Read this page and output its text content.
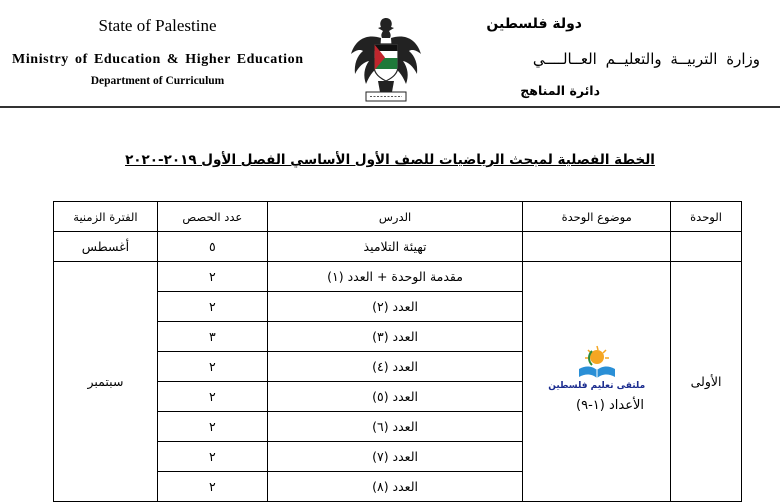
State of Palestine
Ministry of Education & Higher Education
Department of Curriculum
دولة فلسطين
وزارة التربيــة والتعليــم العــالــــي
دائرة المناهج
الخطة الفصلية لمبحث الرياضيات للصف الأول الأساسي الفصل الأول ٢٠١٩-٢٠٢٠
الوحدة	موضوع الوحدة	الدرس	عدد الحصص	الفترة الزمنية
		تهيئة التلاميذ	٥	أغسطس
الأولى	ملتقى تعليم فلسطين	مقدمة الوحدة + العدد (١)	٢	سبتمبر
		العدد (٢)	٢	
		العدد (٣)	٣	
		العدد (٤)	٢	
		العدد (٥)	٢	
		العدد (٦)	٢	
		العدد (٧)	٢	
		العدد (٨)	٢	
الأعداد (١-٩)
